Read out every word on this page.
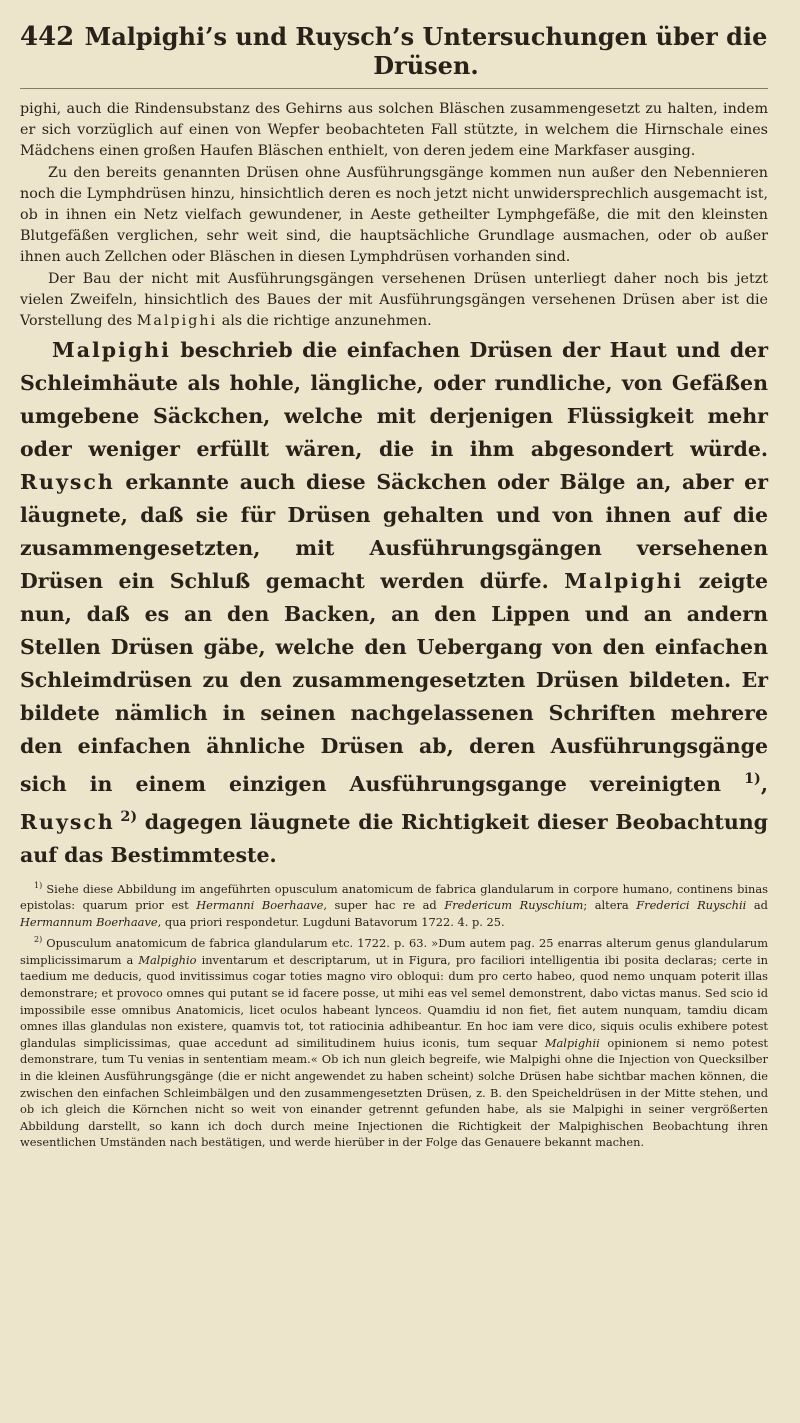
442 Malpighi’s und Ruysch’s Untersuchungen über die Drüsen.

pighi, auch die Rindensubstanz des Gehirns aus solchen Bläschen zusammengesetzt zu halten, indem er sich vorzüglich auf einen von Wepfer beobachteten Fall stützte, in welchem die Hirnschale eines Mädchens einen großen Haufen Bläschen enthielt, von deren jedem eine Markfaser ausging.

Zu den bereits genannten Drüsen ohne Ausführungsgänge kommen nun außer den Nebennieren noch die Lymphdrüsen hinzu, hinsichtlich deren es noch jetzt nicht unwidersprechlich ausgemacht ist, ob in ihnen ein Netz vielfach gewundener, in Aeste getheilter Lymphgefäße, die mit den kleinsten Blutgefäßen verglichen, sehr weit sind, die hauptsächliche Grundlage ausmachen, oder ob außer ihnen auch Zellchen oder Bläschen in diesen Lymphdrüsen vorhanden sind.

Der Bau der nicht mit Ausführungsgängen versehenen Drüsen unterliegt daher noch bis jetzt vielen Zweifeln, hinsichtlich des Baues der mit Ausführungsgängen versehenen Drüsen aber ist die Vorstellung des Malpighi als die richtige anzunehmen.

Malpighi beschrieb die einfachen Drüsen der Haut und der Schleimhäute als hohle, längliche, oder rundliche, von Gefäßen umgebene Säckchen, welche mit derjenigen Flüssigkeit mehr oder weniger erfüllt wären, die in ihm abgesondert würde. Ruysch erkannte auch diese Säckchen oder Bälge an, aber er läugnete, daß sie für Drüsen gehalten und von ihnen auf die zusammengesetzten, mit Ausführungsgängen versehenen Drüsen ein Schluß gemacht werden dürfe. Malpighi zeigte nun, daß es an den Backen, an den Lippen und an andern Stellen Drüsen gäbe, welche den Uebergang von den einfachen Schleimdrüsen zu den zusammengesetzten Drüsen bildeten. Er bildete nämlich in seinen nachgelassenen Schriften mehrere den einfachen ähnliche Drüsen ab, deren Ausführungsgänge sich in einem einzigen Ausführungsgange vereinigten $^{1)}$, Ruysch $^{2)}$ dagegen läugnete die Richtigkeit dieser Beobachtung auf das Bestimmteste.

$^{1)}$ Siehe diese Abbildung im angeführten opusculum anatomicum de fabrica glandularum in corpore humano, continens binas epistolas: quarum prior est Hermanni Boerhaave, super hac re ad Fredericum Ruyschium; altera Frederici Ruyschii ad Hermannum Boerhaave, qua priori respondetur. Lugduni Batavorum 1722. 4. p. 25.

$^{2)}$ Opusculum anatomicum de fabrica glandularum etc. 1722. p. 63. »Dum autem pag. 25 enarras alterum genus glandularum simplicissimarum a Malpighio inventarum et descriptarum, ut in Figura, pro faciliori intelligentia ibi posita declaras; certe in taedium me deducis, quod invitissimus cogar toties magno viro obloqui: dum pro certo habeo, quod nemo unquam poterit illas demonstrare; et provoco omnes qui putant se id facere posse, ut mihi eas vel semel demonstrent, dabo victas manus. Sed scio id impossibile esse omnibus Anatomicis, licet oculos habeant lynceos. Quamdiu id non fiet, fiet autem nunquam, tamdiu dicam omnes illas glandulas non existere, quamvis tot, tot ratiocinia adhibeantur. En hoc iam vere dico, siquis oculis exhibere potest glandulas simplicissimas, quae accedunt ad similitudinem huius iconis, tum sequar Malpighii opinionem si nemo potest demonstrare, tum Tu venias in sententiam meam.« Ob ich nun gleich begreife, wie Malpighi ohne die Injection von Quecksilber in die kleinen Ausführungsgänge (die er nicht angewendet zu haben scheint) solche Drüsen habe sichtbar machen können, die zwischen den einfachen Schleimbälgen und den zusammengesetzten Drüsen, z. B. den Speicheldrüsen in der Mitte stehen, und ob ich gleich die Körnchen nicht so weit von einander getrennt gefunden habe, als sie Malpighi in seiner vergrößerten Abbildung darstellt, so kann ich doch durch meine Injectionen die Richtigkeit der Malpighischen Beobachtung ihren wesentlichen Umständen nach bestätigen, und werde hierüber in der Folge das Genauere bekannt machen.
